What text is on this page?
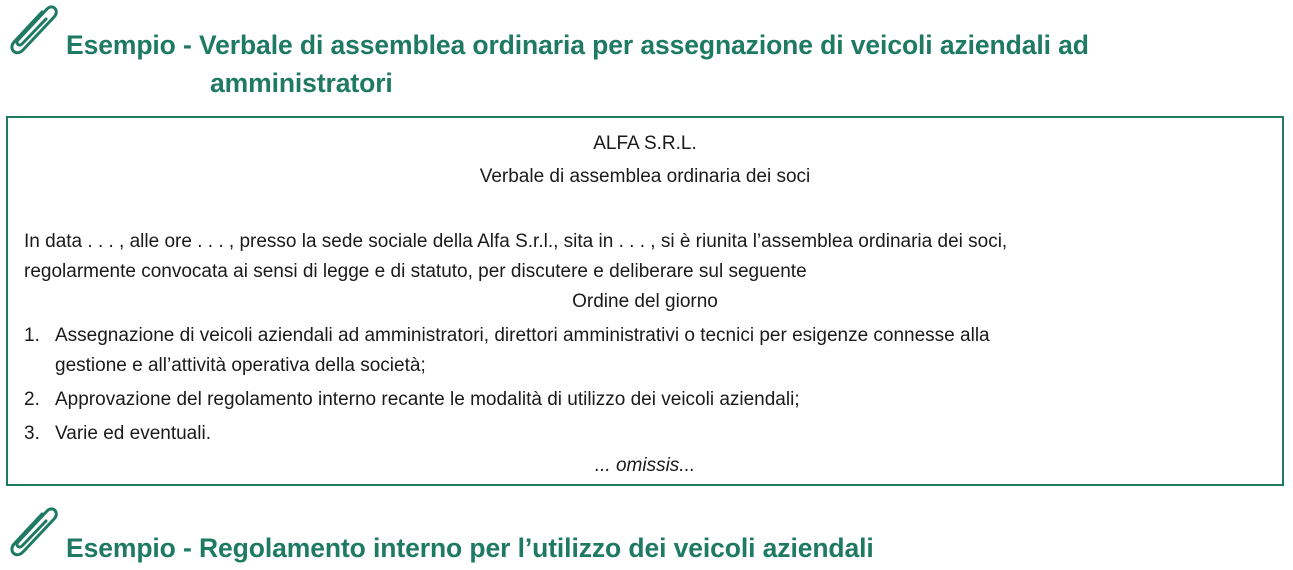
Esempio - Verbale di assemblea ordinaria per assegnazione di veicoli aziendali ad
amministratori
ALFA S.R.L.
Verbale di assemblea ordinaria dei soci
In data . . . , alle ore . . . , presso la sede sociale della Alfa S.r.l., sita in . . . , si è riunita l’assemblea ordinaria dei soci,
regolarmente convocata ai sensi di legge e di statuto, per discutere e deliberare sul seguente
Ordine del giorno
1. Assegnazione di veicoli aziendali ad amministratori, direttori amministrativi o tecnici per esigenze connesse alla
gestione e all’attività operativa della società;
2. Approvazione del regolamento interno recante le modalità di utilizzo dei veicoli aziendali;
3. Varie ed eventuali.
... omissis...
Esempio - Regolamento interno per l’utilizzo dei veicoli aziendali
